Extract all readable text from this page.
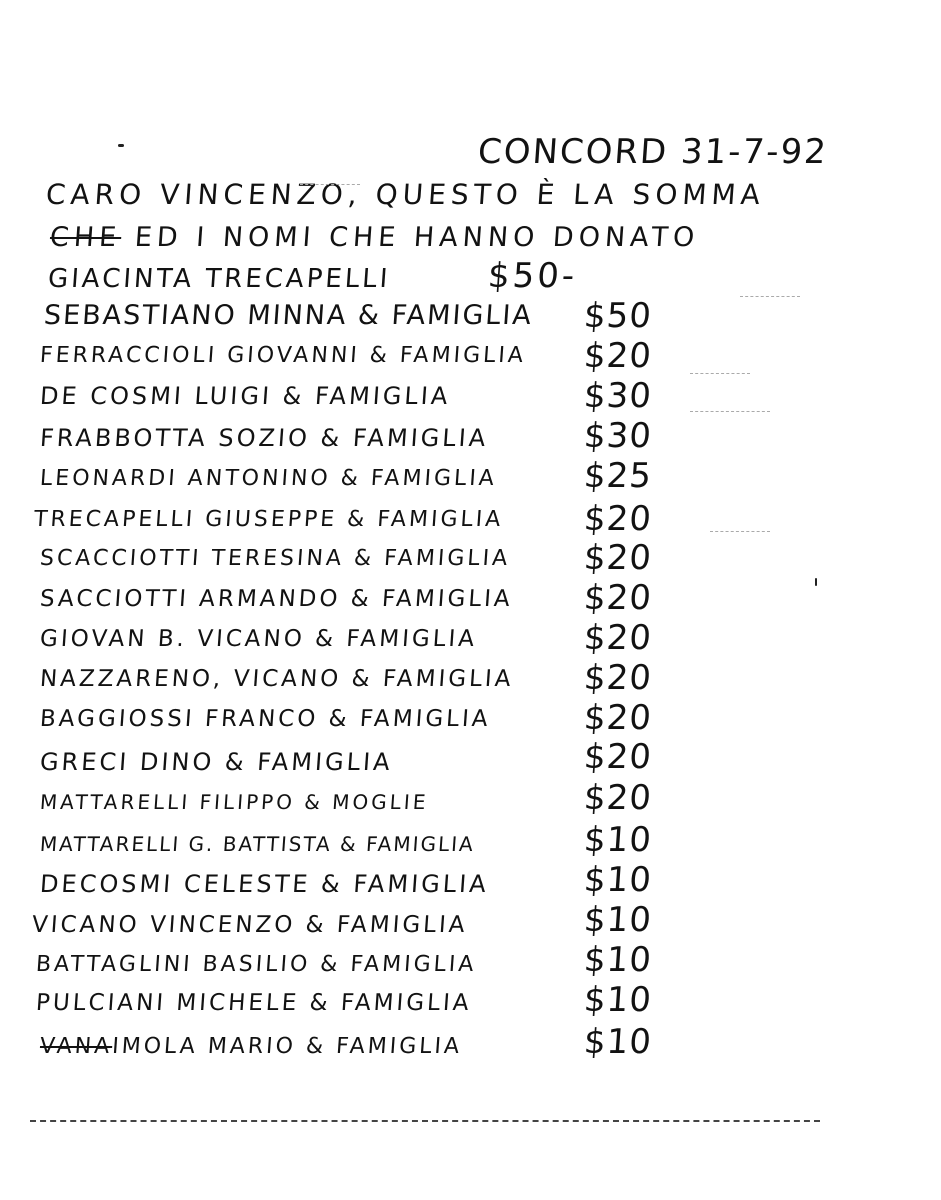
CONCORD 31-7-92
CARO VINCENZO, QUESTO È LA SOMMA
CHE ED I NOMI CHE HANNO DONATO
GIACINTA TRECAPELLI	$50-
SEBASTIANO MINNA & FAMIGLIA $50
FERRACCIOLI GIOVANNI & FAMIGLIA $20
DE COSMI LUIGI & FAMIGLIA	$30
FRABBOTTA SOZIO & FAMIGLIA	$30
LEONARDI ANTONINO & FAMIGLIA $25
TRECAPELLI GIUSEPPE & FAMIGLIA $20
SCACCIOTTI TERESINA & FAMIGLIA $20
SACCIOTTI ARMANDO & FAMIGLIA $20
GIOVAN B. VICANO & FAMIGLIA	$20
NAZZARENO, VICANO & FAMIGLIA $20
BAGGIOSSI FRANCO & FAMIGLIA	$20
GRECI DINO & FAMIGLIA	$20
MATTARELLI FILIPPO & MOGLIE	$20
MATTARELLI G. BATTISTA & FAMIGLIA	$10
DECOSMI CELESTE & FAMIGLIA	$10
VICANO VINCENZO & FAMIGLIA	$10
BATTAGLINI BASILIO & FAMIGLIA	$10
PULCIANI MICHELE & FAMIGLIA	$10
VANAIMOLA MARIO & FAMIGLIA	$10
